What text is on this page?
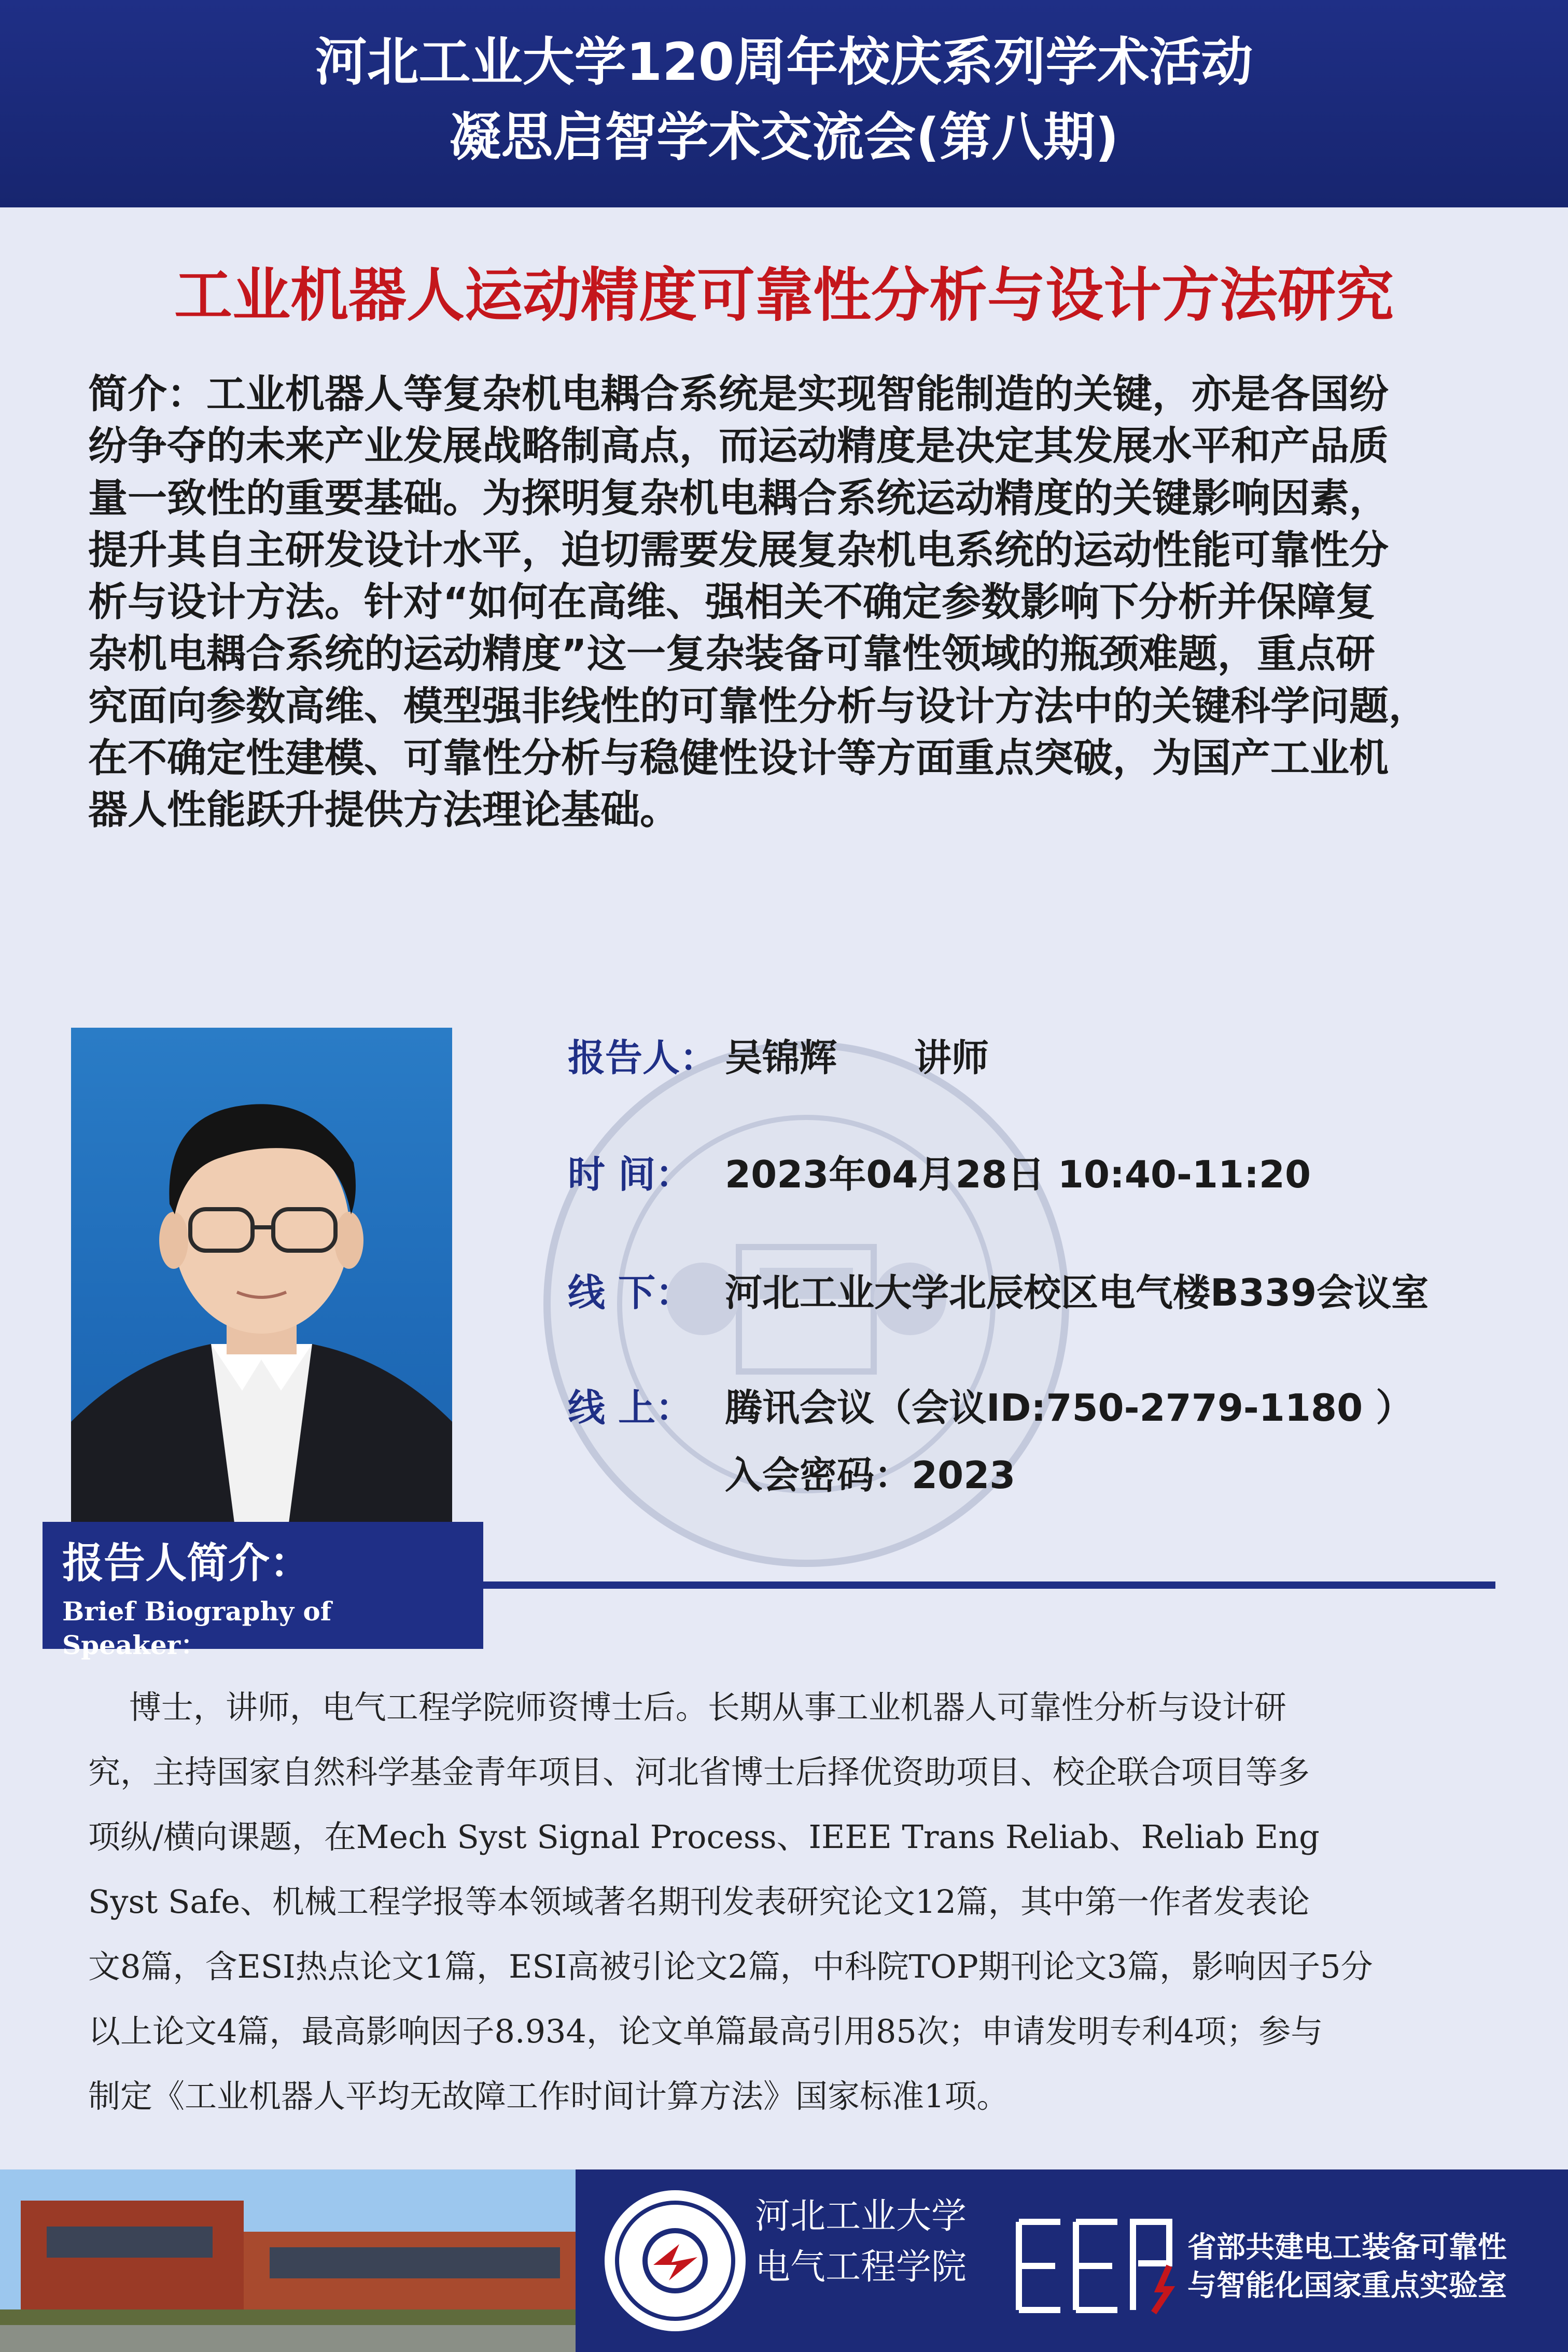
河北工业大学120周年校庆系列学术活动
凝思启智学术交流会(第八期)
工业机器人运动精度可靠性分析与设计方法研究
简介：工业机器人等复杂机电耦合系统是实现智能制造的关键，亦是各国纷
纷争夺的未来产业发展战略制高点，而运动精度是决定其发展水平和产品质
量一致性的重要基础。为探明复杂机电耦合系统运动精度的关键影响因素，
提升其自主研发设计水平，迫切需要发展复杂机电系统的运动性能可靠性分
析与设计方法。针对“如何在高维、强相关不确定参数影响下分析并保障复
杂机电耦合系统的运动精度”这一复杂装备可靠性领域的瓶颈难题，重点研
究面向参数高维、模型强非线性的可靠性分析与设计方法中的关键科学问题，
在不确定性建模、可靠性分析与稳健性设计等方面重点突破，为国产工业机
器人性能跃升提供方法理论基础。
报告人： 吴锦辉 讲师
时 间： 2023年04月28日 10:40-11:20
线 下： 河北工业大学北辰校区电气楼B339会议室
线 上： 腾讯会议（会议ID:750-2779-1180 ）
入会密码：2023
报告人简介：
Brief Biography of Speaker：
博士，讲师，电气工程学院师资博士后。长期从事工业机器人可靠性分析与设计研
究，主持国家自然科学基金青年项目、河北省博士后择优资助项目、校企联合项目等多
项纵/横向课题，在Mech Syst Signal Process、IEEE Trans Reliab、Reliab Eng
Syst Safe、机械工程学报等本领域著名期刊发表研究论文12篇，其中第一作者发表论
文8篇，含ESI热点论文1篇，ESI高被引论文2篇，中科院TOP期刊论文3篇，影响因子5分
以上论文4篇，最高影响因子8.934，论文单篇最高引用85次；申请发明专利4项；参与
制定《工业机器人平均无故障工作时间计算方法》国家标准1项。
河北工业大学
电气工程学院	省部共建电工装备可靠性
与智能化国家重点实验室
